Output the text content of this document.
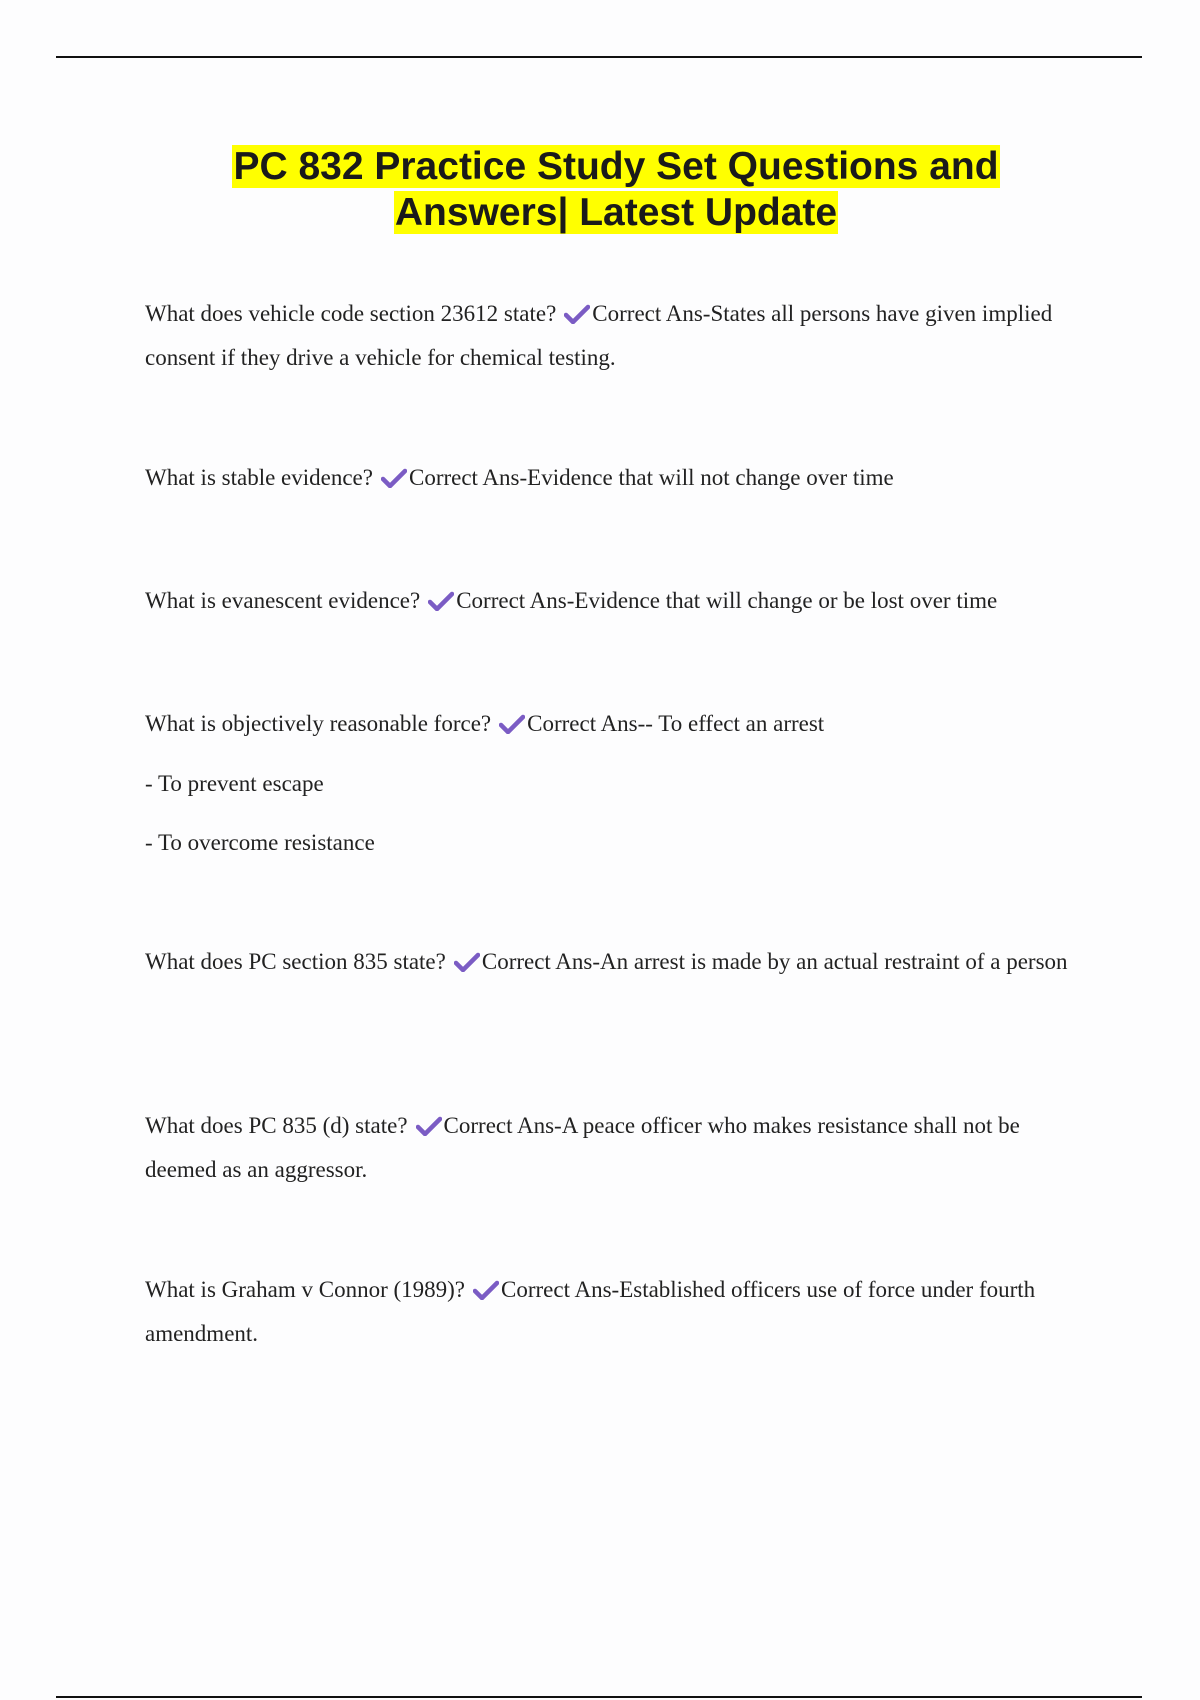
PC 832 Practice Study Set Questions and
Answers| Latest Update
What does vehicle code section 23612 state? Correct Ans-States all persons have given implied consent if they drive a vehicle for chemical testing.
What is stable evidence? Correct Ans-Evidence that will not change over time
What is evanescent evidence? Correct Ans-Evidence that will change or be lost over time
What is objectively reasonable force? Correct Ans-- To effect an arrest
- To prevent escape
- To overcome resistance
What does PC section 835 state? Correct Ans-An arrest is made by an actual restraint of a person
What does PC 835 (d) state? Correct Ans-A peace officer who makes resistance shall not be deemed as an aggressor.
What is Graham v Connor (1989)? Correct Ans-Established officers use of force under fourth amendment.
